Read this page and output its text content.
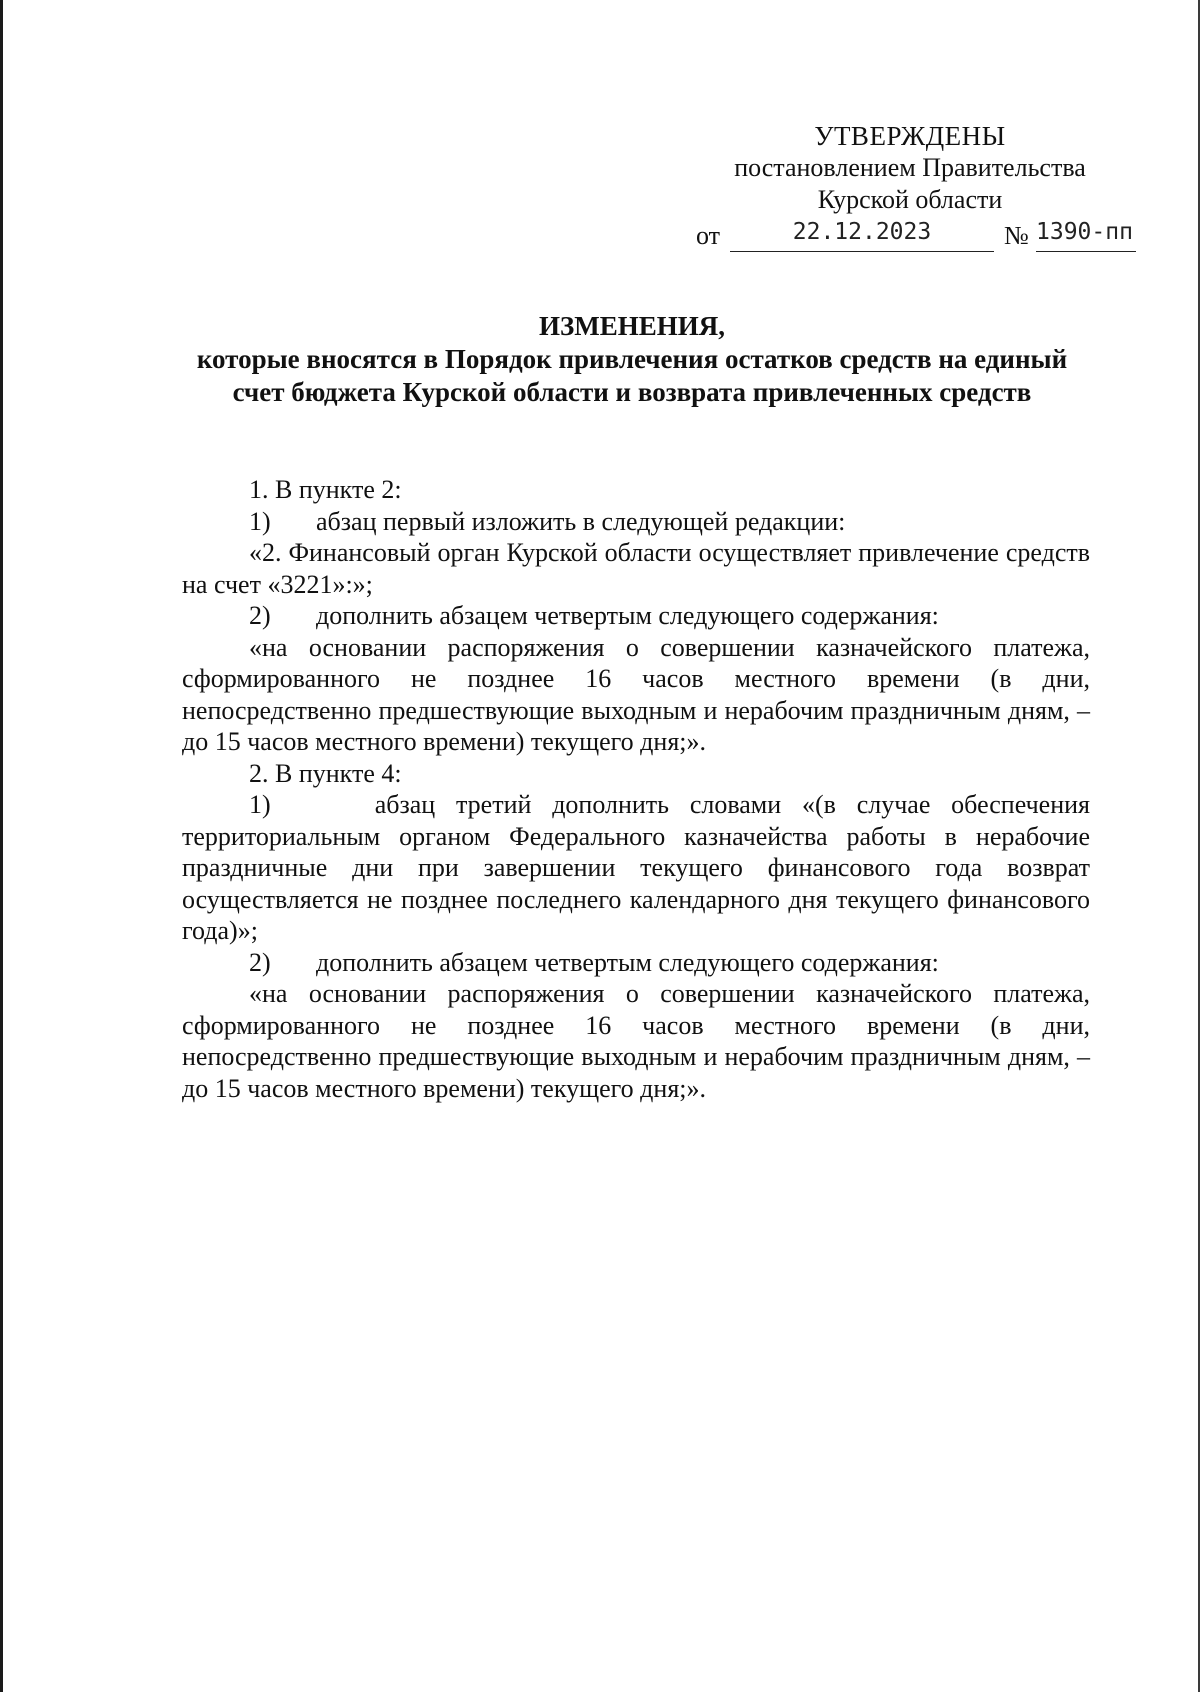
УТВЕРЖДЕНЫ
постановлением Правительства
Курской области
от	22.12.2023	№ 1390-пп
ИЗМЕНЕНИЯ,
которые вносятся в Порядок привлечения остатков средств на единый
счет бюджета Курской области и возврата привлеченных средств

1. В пункте 2:

1)	абзац первый изложить в следующей редакции:

«2. Финансовый орган Курской области осуществляет привлечение средств на счет «3221»:»;

2)	дополнить абзацем четвертым следующего содержания:

«на основании распоряжения о совершении казначейского платежа, сформированного не позднее 16 часов местного времени (в дни, непосредственно предшествующие выходным и нерабочим праздничным дням, – до 15 часов местного времени) текущего дня;».

2. В пункте 4:

1)	абзац третий дополнить словами «(в случае обеспечения территориальным органом Федерального казначейства работы в нерабочие праздничные дни при завершении текущего финансового года возврат осуществляется не позднее последнего календарного дня текущего финансового года)»;

2)	дополнить абзацем четвертым следующего содержания:

«на основании распоряжения о совершении казначейского платежа, сформированного не позднее 16 часов местного времени (в дни, непосредственно предшествующие выходным и нерабочим праздничным дням, – до 15 часов местного времени) текущего дня;».
